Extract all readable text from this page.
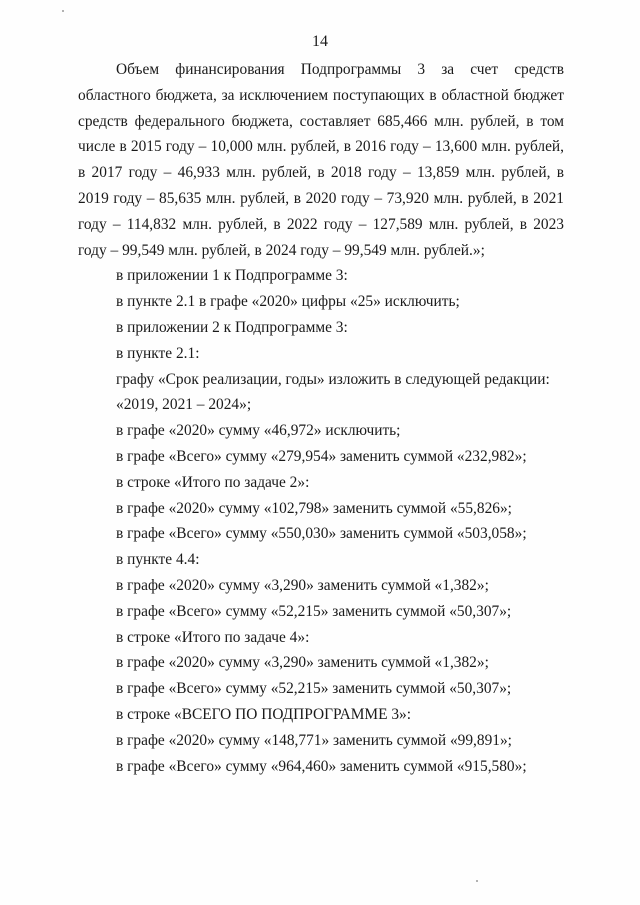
14

Объем финансирования Подпрограммы 3 за счет средств областного бюджета, за исключением поступающих в областной бюджет средств федерального бюджета, составляет 685,466 млн. рублей, в том числе в 2015 году – 10,000 млн. рублей, в 2016 году – 13,600 млн. рублей, в 2017 году – 46,933 млн. рублей, в 2018 году – 13,859 млн. рублей, в 2019 году – 85,635 млн. рублей, в 2020 году – 73,920 млн. рублей, в 2021 году – 114,832 млн. рублей, в 2022 году – 127,589 млн. рублей, в 2023 году – 99,549 млн. рублей, в 2024 году – 99,549 млн. рублей.»;

в приложении 1 к Подпрограмме 3:

в пункте 2.1 в графе «2020» цифры «25» исключить;

в приложении 2 к Подпрограмме 3:

в пункте 2.1:

графу «Срок реализации, годы» изложить в следующей редакции:

«2019, 2021 – 2024»;

в графе «2020» сумму «46,972» исключить;

в графе «Всего» сумму «279,954» заменить суммой «232,982»;

в строке «Итого по задаче 2»:

в графе «2020» сумму «102,798» заменить суммой «55,826»;

в графе «Всего» сумму «550,030» заменить суммой «503,058»;

в пункте 4.4:

в графе «2020» сумму «3,290» заменить суммой «1,382»;

в графе «Всего» сумму «52,215» заменить суммой «50,307»;

в строке «Итого по задаче 4»:

в графе «2020» сумму «3,290» заменить суммой «1,382»;

в графе «Всего» сумму «52,215» заменить суммой «50,307»;

в строке «ВСЕГО ПО ПОДПРОГРАММЕ 3»:

в графе «2020» сумму «148,771» заменить суммой «99,891»;

в графе «Всего» сумму «964,460» заменить суммой «915,580»;
